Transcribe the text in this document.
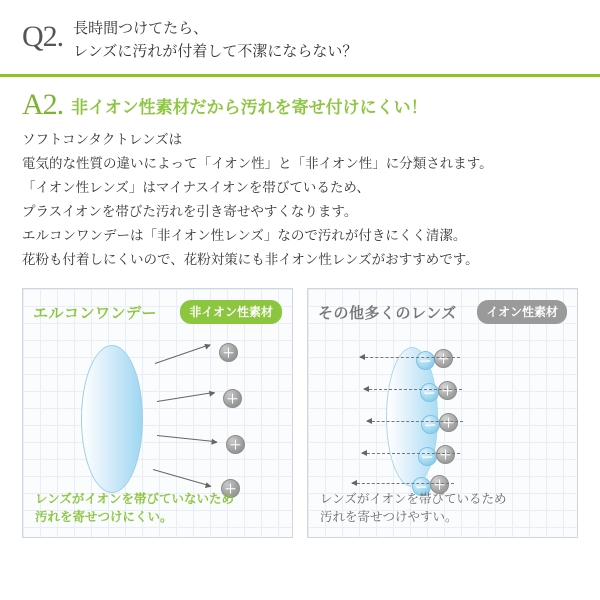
Q2. 長時間つけてたら、
レンズに汚れが付着して不潔にならない？
A2. 非イオン性素材だから汚れを寄せ付けにくい！
ソフトコンタクトレンズは
電気的な性質の違いによって「イオン性」と「非イオン性」に分類されます。
「イオン性レンズ」はマイナスイオンを帯びているため、
プラスイオンを帯びた汚れを引き寄せやすくなります。
エルコンワンデーは「非イオン性レンズ」なので汚れが付きにくく清潔。
花粉も付着しにくいので、花粉対策にも非イオン性レンズがおすすめです。
エルコンワンデー	非イオン性素材
＋
＋
＋
＋
レンズがイオンを帯びていないため
汚れを寄せつけにくい。
その他多くのレンズ	イオン性素材
ー
ー
ー
ー
ー
＋
＋
＋
＋
＋
レンズがイオンを帯びているため
汚れを寄せつけやすい。
